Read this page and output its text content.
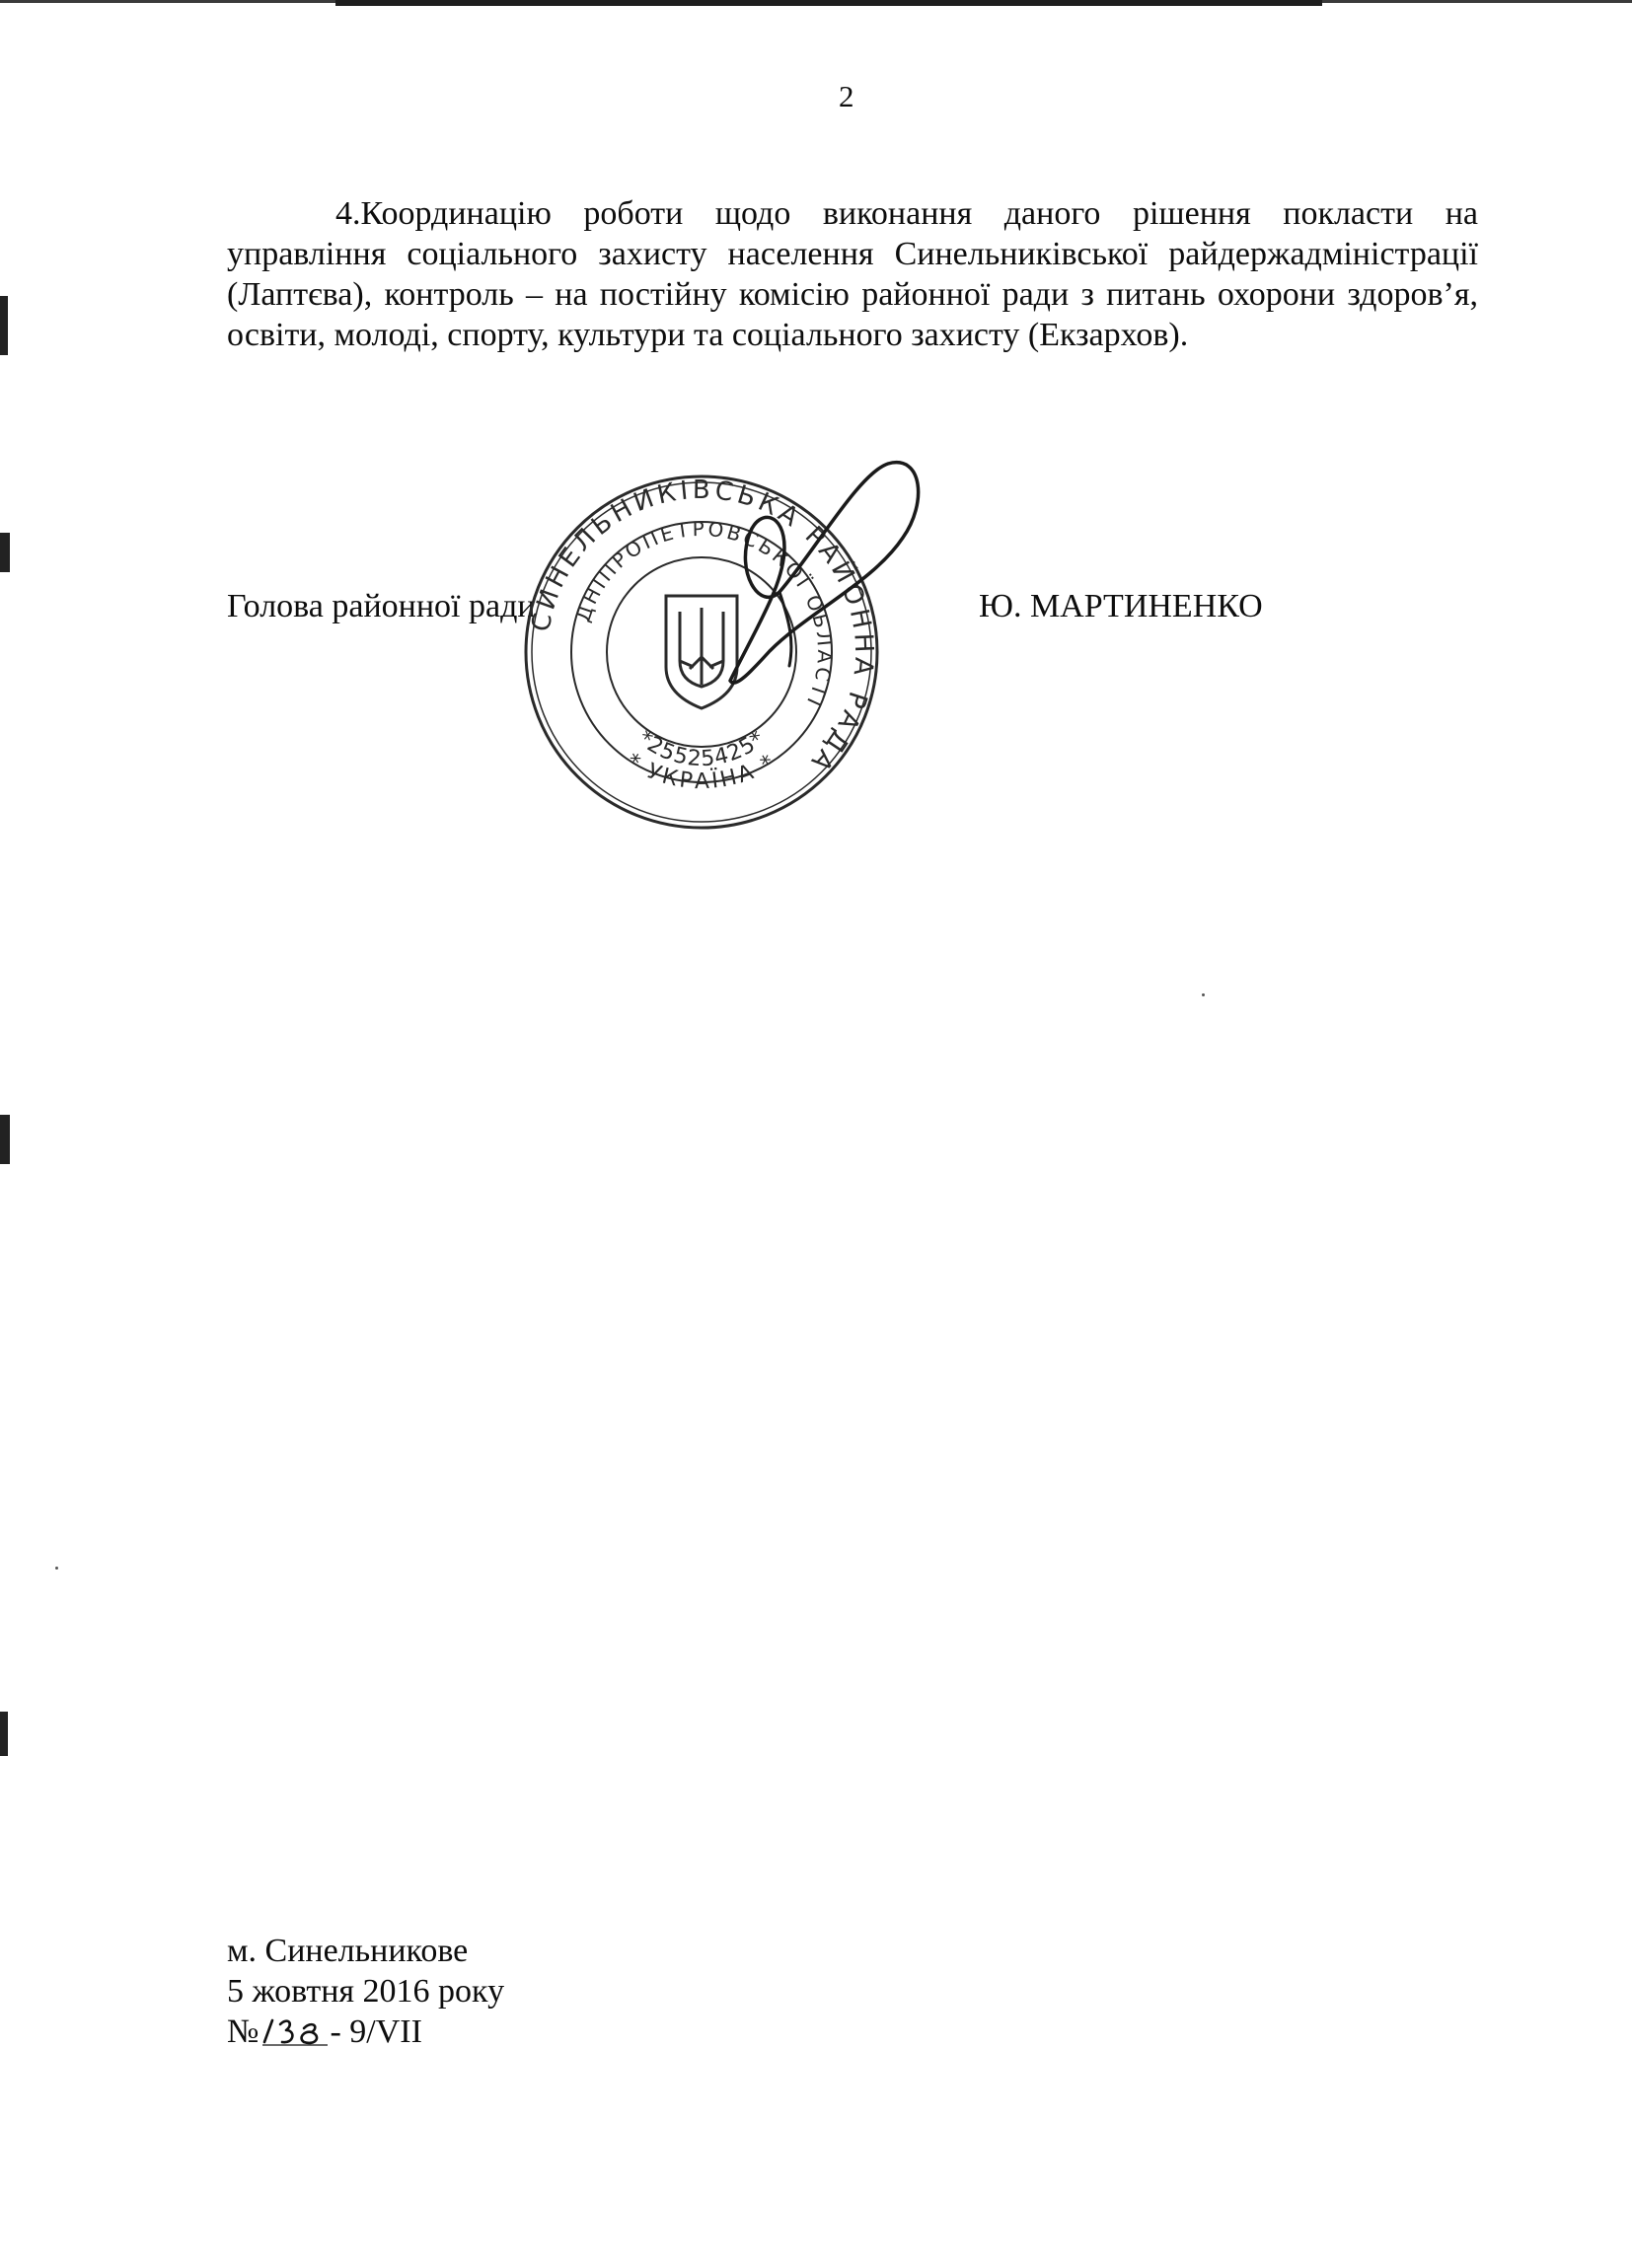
2
4.Координацію роботи щодо виконання даного рішення покласти на управління соціального захисту населення Синельниківської райдержадміністрації (Лаптєва), контроль – на постійну комісію районної ради з питань охорони здоров’я, освіти, молоді, спорту, культури та соціального захисту (Екзархов).
Голова районної ради	Ю. МАРТИНЕНКО
СИНЕЛЬНИКІВСЬКА РАЙОННА РАДА
ДНІПРОПЕТРОВСЬКОЇ ОБЛАСТІ
* УКРАЇНА *
*25525425*
м. Синельникове
5 жовтня 2016 року
№ - 9/VII
